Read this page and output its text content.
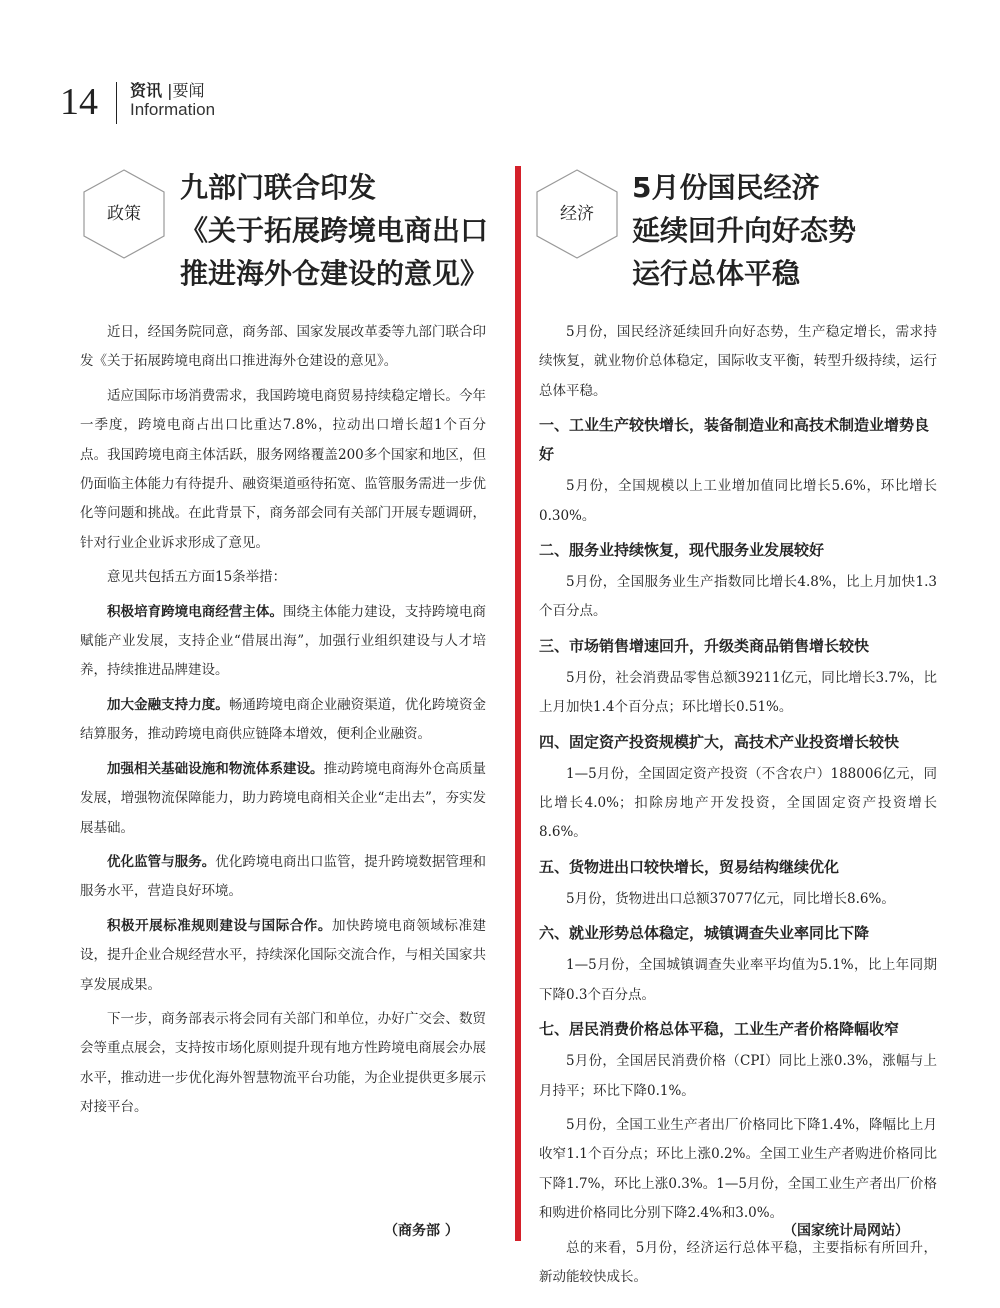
14 资讯 |要闻
Information
政策
九部门联合印发
《关于拓展跨境电商出口
推进海外仓建设的意见》
经济
5月份国民经济
延续回升向好态势
运行总体平稳

近日，经国务院同意，商务部、国家发展改革委等九部门联合印发《关于拓展跨境电商出口推进海外仓建设的意见》。

适应国际市场消费需求，我国跨境电商贸易持续稳定增长。今年一季度，跨境电商占出口比重达7.8%，拉动出口增长超1个百分点。我国跨境电商主体活跃，服务网络覆盖200多个国家和地区，但仍面临主体能力有待提升、融资渠道亟待拓宽、监管服务需进一步优化等问题和挑战。在此背景下，商务部会同有关部门开展专题调研，针对行业企业诉求形成了意见。

意见共包括五方面15条举措：

积极培育跨境电商经营主体。围绕主体能力建设，支持跨境电商赋能产业发展，支持企业“借展出海”，加强行业组织建设与人才培养，持续推进品牌建设。

加大金融支持力度。畅通跨境电商企业融资渠道，优化跨境资金结算服务，推动跨境电商供应链降本增效，便利企业融资。

加强相关基础设施和物流体系建设。推动跨境电商海外仓高质量发展，增强物流保障能力，助力跨境电商相关企业“走出去”，夯实发展基础。

优化监管与服务。优化跨境电商出口监管，提升跨境数据管理和服务水平，营造良好环境。

积极开展标准规则建设与国际合作。加快跨境电商领域标准建设，提升企业合规经营水平，持续深化国际交流合作，与相关国家共享发展成果。

下一步，商务部表示将会同有关部门和单位，办好广交会、数贸会等重点展会，支持按市场化原则提升现有地方性跨境电商展会办展水平，推动进一步优化海外智慧物流平台功能，为企业提供更多展示对接平台。

（商务部 ）

5月份，国民经济延续回升向好态势，生产稳定增长，需求持续恢复，就业物价总体稳定，国际收支平衡，转型升级持续，运行总体平稳。

一、工业生产较快增长，装备制造业和高技术制造业增势良好

5月份，全国规模以上工业增加值同比增长5.6%，环比增长0.30%。

二、服务业持续恢复，现代服务业发展较好

5月份，全国服务业生产指数同比增长4.8%，比上月加快1.3个百分点。

三、市场销售增速回升，升级类商品销售增长较快

5月份，社会消费品零售总额39211亿元，同比增长3.7%，比上月加快1.4个百分点；环比增长0.51%。

四、固定资产投资规模扩大，高技术产业投资增长较快

1—5月份，全国固定资产投资（不含农户）188006亿元，同比增长4.0%；扣除房地产开发投资，全国固定资产投资增长8.6%。

五、货物进出口较快增长，贸易结构继续优化

5月份，货物进出口总额37077亿元，同比增长8.6%。

六、就业形势总体稳定，城镇调查失业率同比下降

1—5月份，全国城镇调查失业率平均值为5.1%，比上年同期下降0.3个百分点。

七、居民消费价格总体平稳，工业生产者价格降幅收窄

5月份，全国居民消费价格（CPI）同比上涨0.3%，涨幅与上月持平；环比下降0.1%。

5月份，全国工业生产者出厂价格同比下降1.4%，降幅比上月收窄1.1个百分点；环比上涨0.2%。全国工业生产者购进价格同比下降1.7%，环比上涨0.3%。1—5月份，全国工业生产者出厂价格和购进价格同比分别下降2.4%和3.0%。

总的来看，5月份，经济运行总体平稳，主要指标有所回升，新动能较快成长。

（国家统计局网站）
